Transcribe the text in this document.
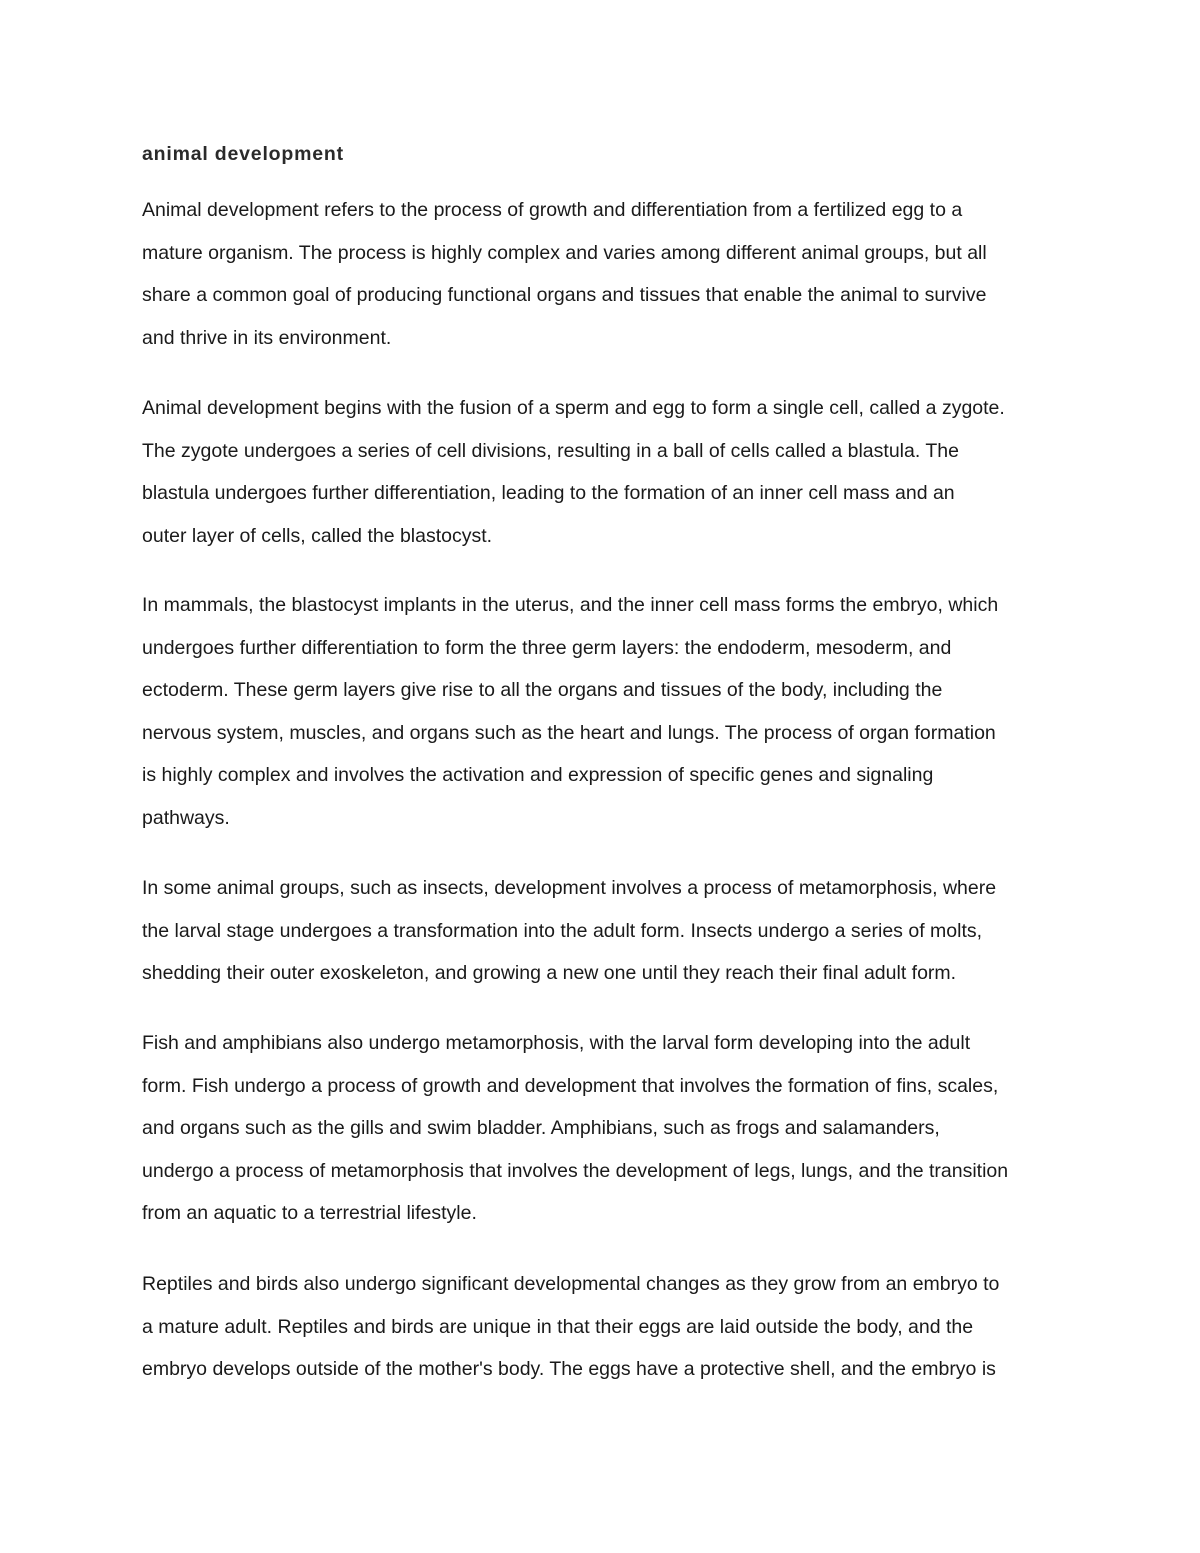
animal development

Animal development refers to the process of growth and differentiation from a fertilized egg to a
mature organism. The process is highly complex and varies among different animal groups, but all
share a common goal of producing functional organs and tissues that enable the animal to survive
and thrive in its environment.

Animal development begins with the fusion of a sperm and egg to form a single cell, called a zygote.
The zygote undergoes a series of cell divisions, resulting in a ball of cells called a blastula. The
blastula undergoes further differentiation, leading to the formation of an inner cell mass and an
outer layer of cells, called the blastocyst.

In mammals, the blastocyst implants in the uterus, and the inner cell mass forms the embryo, which
undergoes further differentiation to form the three germ layers: the endoderm, mesoderm, and
ectoderm. These germ layers give rise to all the organs and tissues of the body, including the
nervous system, muscles, and organs such as the heart and lungs. The process of organ formation
is highly complex and involves the activation and expression of specific genes and signaling
pathways.

In some animal groups, such as insects, development involves a process of metamorphosis, where
the larval stage undergoes a transformation into the adult form. Insects undergo a series of molts,
shedding their outer exoskeleton, and growing a new one until they reach their final adult form.

Fish and amphibians also undergo metamorphosis, with the larval form developing into the adult
form. Fish undergo a process of growth and development that involves the formation of fins, scales,
and organs such as the gills and swim bladder. Amphibians, such as frogs and salamanders,
undergo a process of metamorphosis that involves the development of legs, lungs, and the transition
from an aquatic to a terrestrial lifestyle.

Reptiles and birds also undergo significant developmental changes as they grow from an embryo to
a mature adult. Reptiles and birds are unique in that their eggs are laid outside the body, and the
embryo develops outside of the mother's body. The eggs have a protective shell, and the embryo is
